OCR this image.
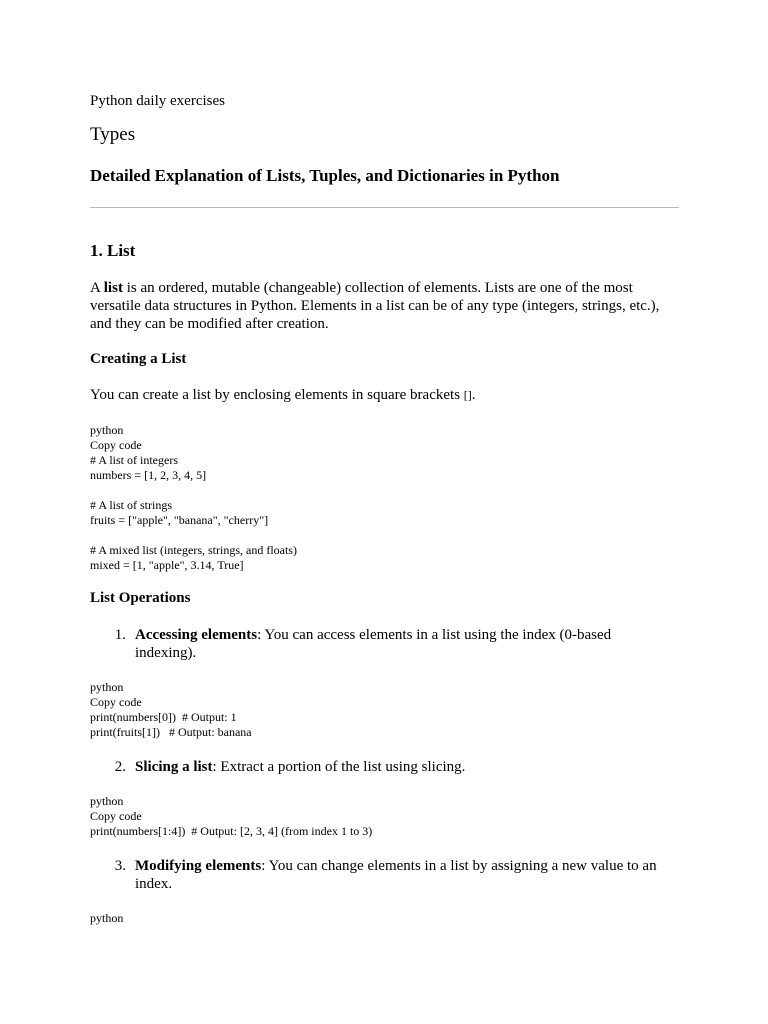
Python daily exercises
Types
Detailed Explanation of Lists, Tuples, and Dictionaries in Python
1. List
A list is an ordered, mutable (changeable) collection of elements. Lists are one of the most versatile data structures in Python. Elements in a list can be of any type (integers, strings, etc.), and they can be modified after creation.
Creating a List
You can create a list by enclosing elements in square brackets [].
python
Copy code
# A list of integers
numbers = [1, 2, 3, 4, 5]
# A list of strings
fruits = ["apple", "banana", "cherry"]
# A mixed list (integers, strings, and floats)
mixed = [1, "apple", 3.14, True]
List Operations
1. Accessing elements: You can access elements in a list using the index (0-based
indexing).
python
Copy code
print(numbers[0])  # Output: 1
print(fruits[1])   # Output: banana
2. Slicing a list: Extract a portion of the list using slicing.
python
Copy code
print(numbers[1:4])  # Output: [2, 3, 4] (from index 1 to 3)
3. Modifying elements: You can change elements in a list by assigning a new value to an
index.
python
